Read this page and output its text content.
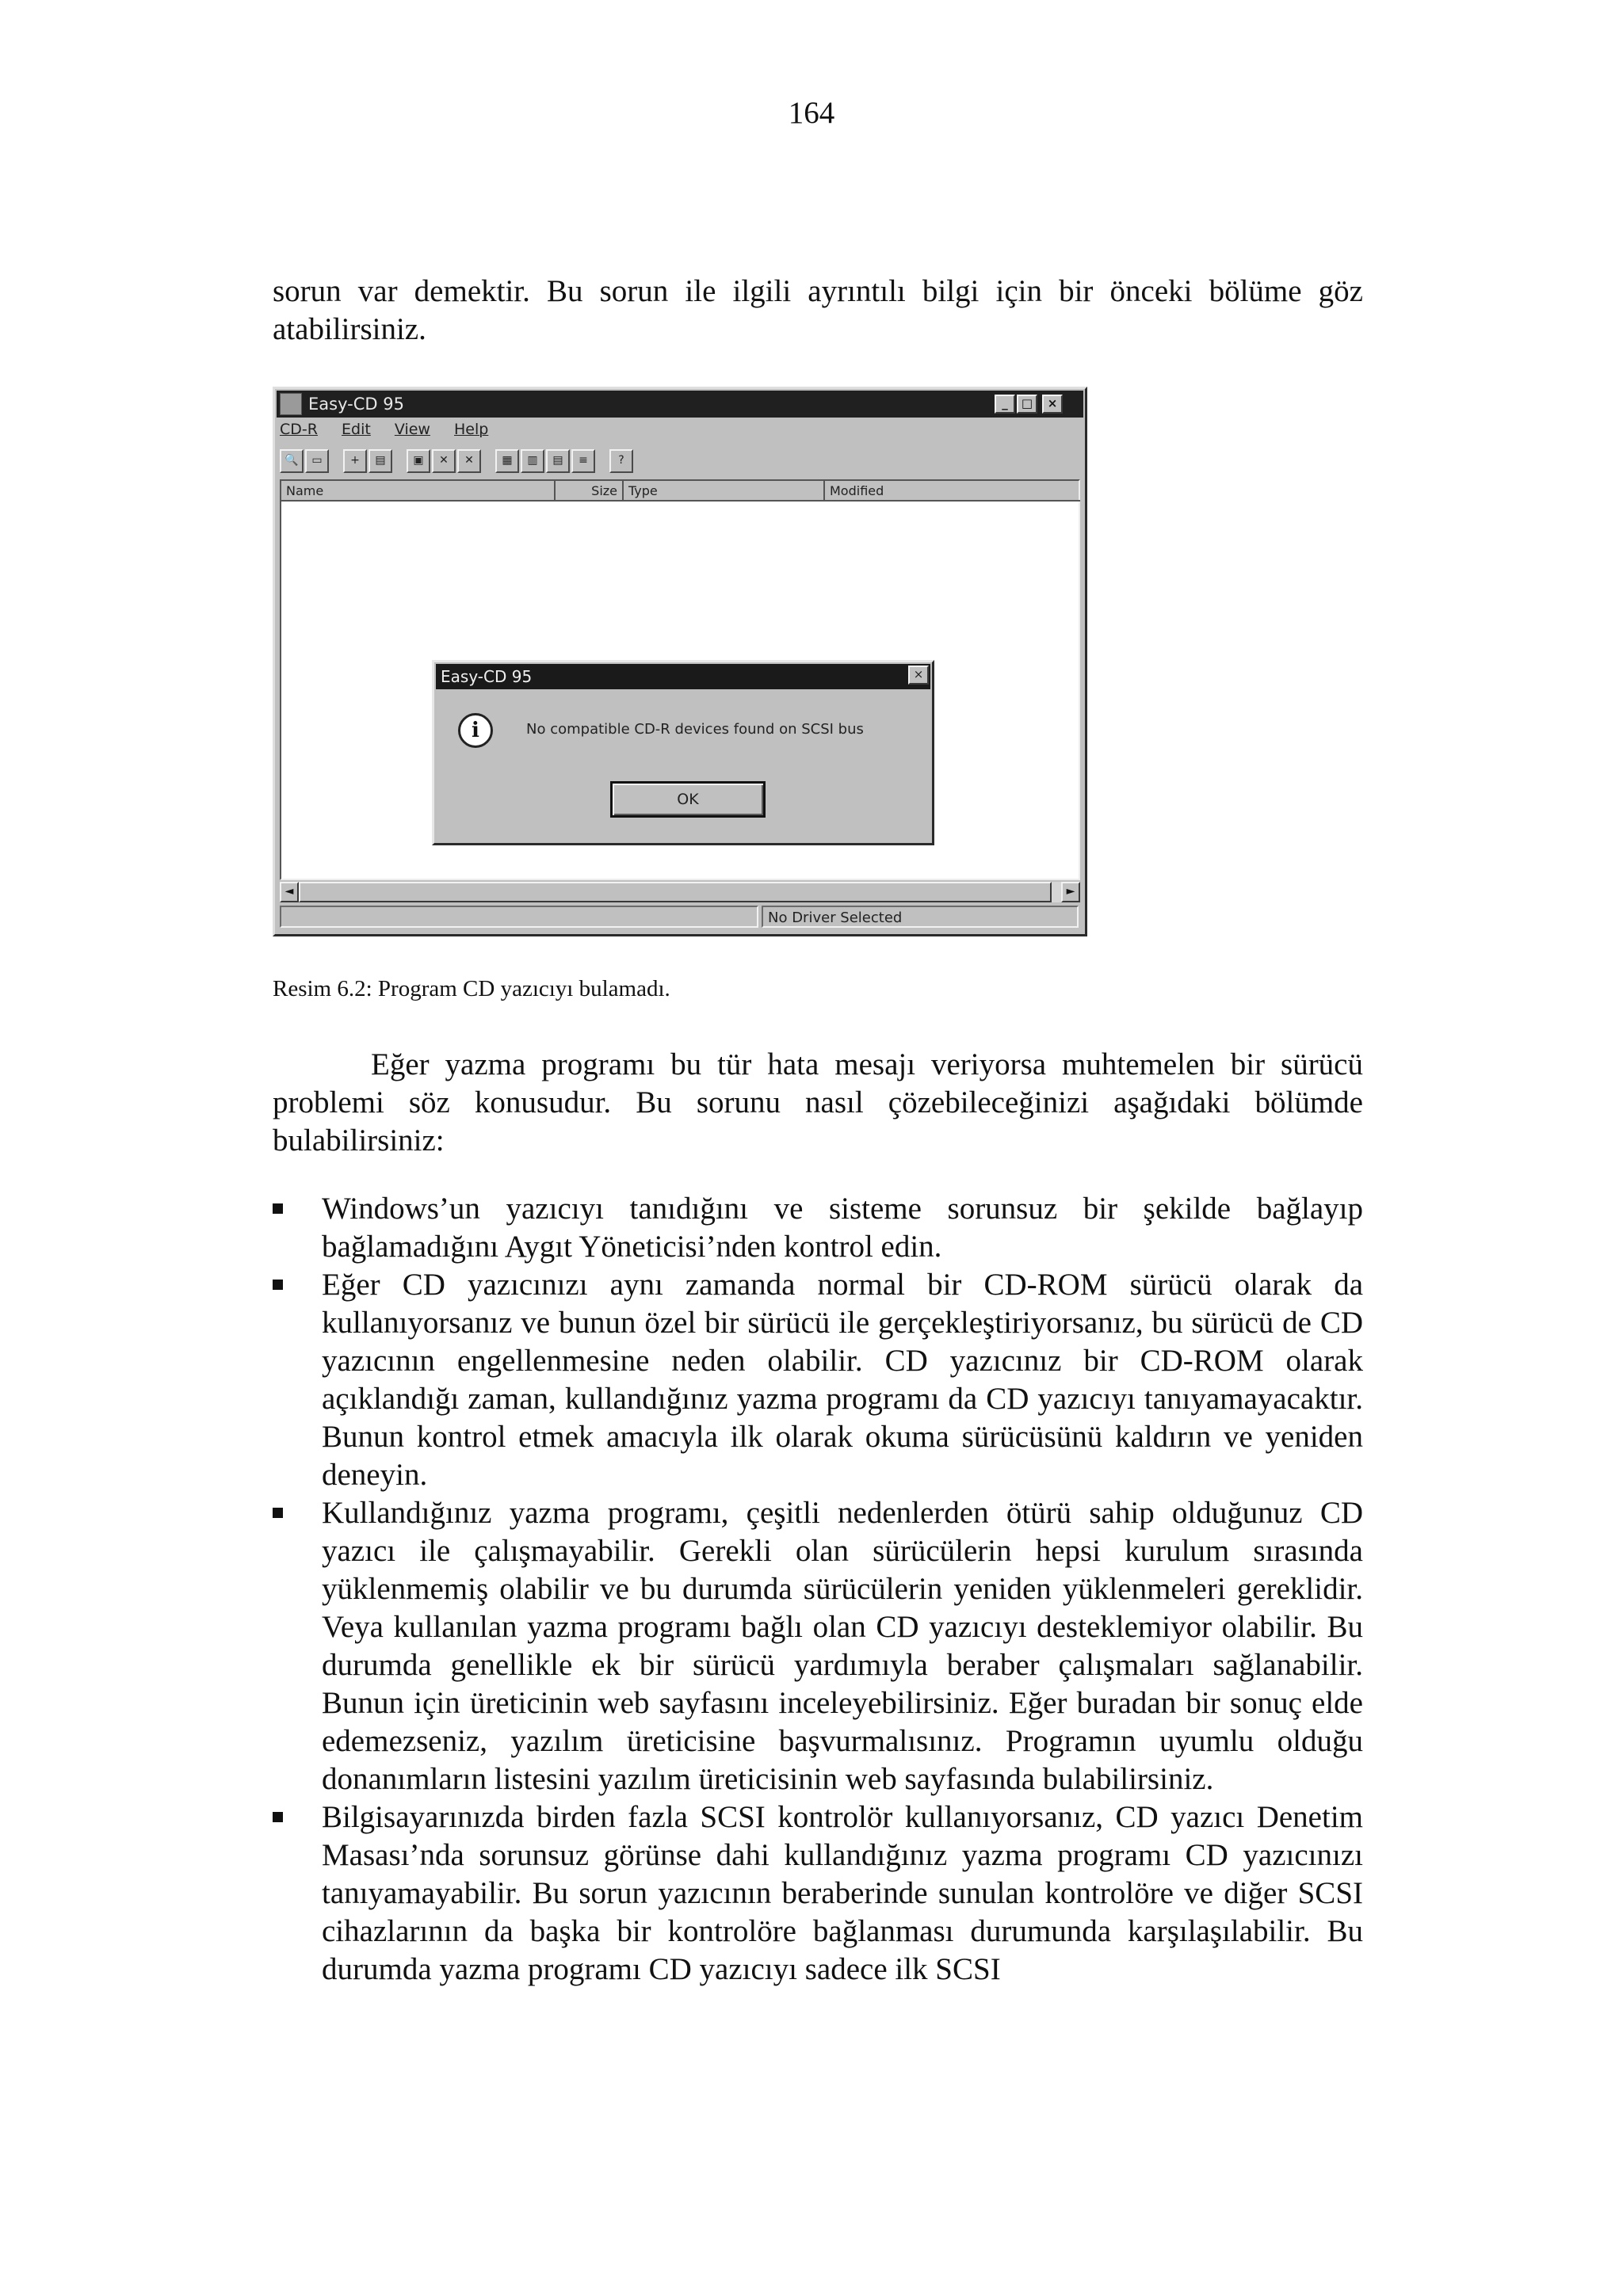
164

sorun var demektir. Bu sorun ile ilgili ayrıntılı bilgi için bir önceki bölüme göz atabilirsiniz.

Easy-CD 95	_	□	×
CD-R Edit View Help
🔍	▭	+	▤	▣	✕	✕	▦	▥	▤	≡	?
Name	Size Type	Modified
Easy-CD 95	×
i	No compatible CD-R devices found on SCSI bus
OK
◄	►
No Driver Selected
Resim 6.2: Program CD yazıcıyı bulamadı.

Eğer yazma programı bu tür hata mesajı veriyorsa muhtemelen bir sürücü problemi söz konusudur. Bu sorunu nasıl çözebileceğinizi aşağıdaki bölümde bulabilirsiniz:

Windows’un yazıcıyı tanıdığını ve sisteme sorunsuz bir şekilde bağlayıp bağlamadığını Aygıt Yöneticisi’nden kontrol edin.
Eğer CD yazıcınızı aynı zamanda normal bir CD-ROM sürücü olarak da kullanıyorsanız ve bunun özel bir sürücü ile gerçekleştiriyorsanız, bu sürücü de CD yazıcının engellenmesine neden olabilir. CD yazıcınız bir CD-ROM olarak açıklandığı zaman, kullandığınız yazma programı da CD yazıcıyı tanıyamayacaktır. Bunun kontrol etmek amacıyla ilk olarak okuma sürücüsünü kaldırın ve yeniden deneyin.
Kullandığınız yazma programı, çeşitli nedenlerden ötürü sahip olduğunuz CD yazıcı ile çalışmayabilir. Gerekli olan sürücülerin hepsi kurulum sırasında yüklenmemiş olabilir ve bu durumda sürücülerin yeniden yüklenmeleri gereklidir. Veya kullanılan yazma programı bağlı olan CD yazıcıyı desteklemiyor olabilir. Bu durumda genellikle ek bir sürücü yardımıyla beraber çalışmaları sağlanabilir. Bunun için üreticinin web sayfasını inceleyebilirsiniz. Eğer buradan bir sonuç elde edemezseniz, yazılım üreticisine başvurmalısınız. Programın uyumlu olduğu donanımların listesini yazılım üreticisinin web sayfasında bulabilirsiniz.
Bilgisayarınızda birden fazla SCSI kontrolör kullanıyorsanız, CD yazıcı Denetim Masası’nda sorunsuz görünse dahi kullandığınız yazma programı CD yazıcınızı tanıyamayabilir. Bu sorun yazıcının beraberinde sunulan kontrolöre ve diğer SCSI cihazlarının da başka bir kontrolöre bağlanması durumunda karşılaşılabilir. Bu durumda yazma programı CD yazıcıyı sadece ilk SCSI
